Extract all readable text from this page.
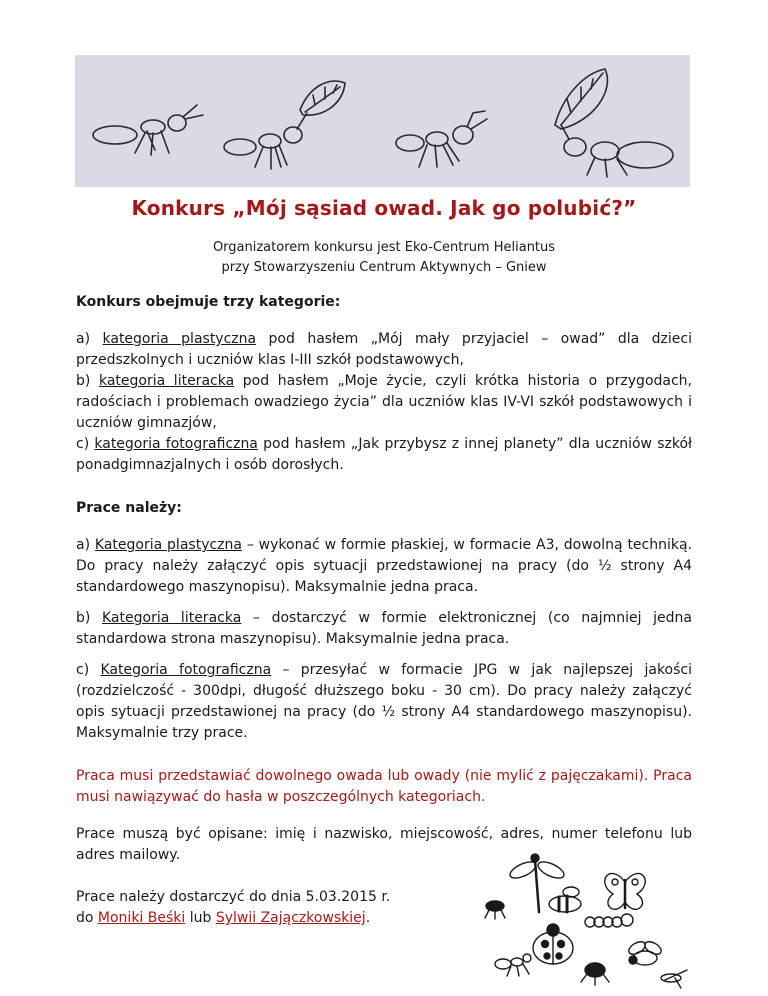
Konkurs „Mój sąsiad owad. Jak go polubić?”
Organizatorem konkursu jest Eko-Centrum Heliantus
przy Stowarzyszeniu Centrum Aktywnych – Gniew

Konkurs obejmuje trzy kategorie:

a) kategoria plastyczna pod hasłem „Mój mały przyjaciel – owad” dla dzieci przedszkolnych i uczniów klas I-III szkół podstawowych,

b) kategoria literacka pod hasłem „Moje życie, czyli krótka historia o przygodach, radościach i problemach owadziego życia” dla uczniów klas IV-VI szkół podstawowych i uczniów gimnazjów,

c) kategoria fotograficzna pod hasłem „Jak przybysz z innej planety” dla uczniów szkół ponadgimnazjalnych i osób dorosłych.

Prace należy:

a) Kategoria plastyczna – wykonać w formie płaskiej, w formacie A3, dowolną techniką. Do pracy należy załączyć opis sytuacji przedstawionej na pracy (do ½ strony A4 standardowego maszynopisu). Maksymalnie jedna praca.

b) Kategoria literacka – dostarczyć w formie elektronicznej (co najmniej jedna standardowa strona maszynopisu). Maksymalnie jedna praca.

c) Kategoria fotograficzna – przesyłać w formacie JPG w jak najlepszej jakości (rozdzielczość - 300dpi, długość dłuższego boku - 30 cm). Do pracy należy załączyć opis sytuacji przedstawionej na pracy (do ½ strony A4 standardowego maszynopisu). Maksymalnie trzy prace.

Praca musi przedstawiać dowolnego owada lub owady (nie mylić z pajęczakami). Praca musi nawiązywać do hasła w poszczególnych kategoriach.
Prace muszą być opisane: imię i nazwisko, miejscowość, adres, numer telefonu lub adres mailowy.
Prace należy dostarczyć do dnia 5.03.2015 r.
do Moniki Beśki lub Sylwii Zajączkowskiej.
